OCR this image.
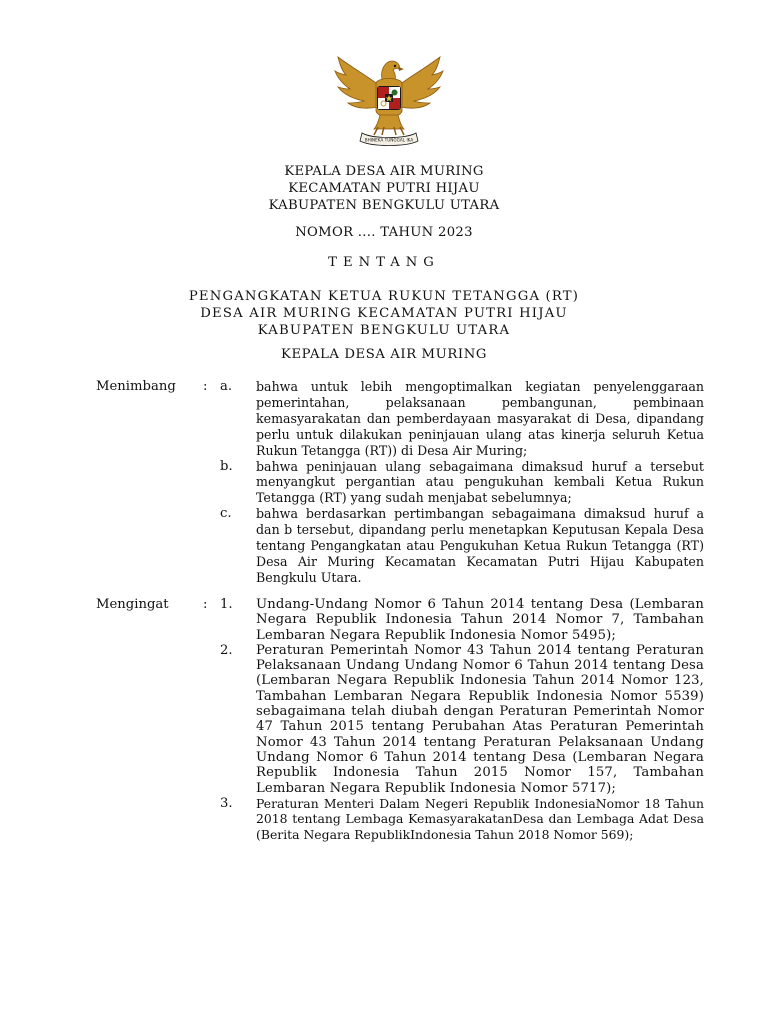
BHINEKA TUNGGAL IKA
KEPALA DESA AIR MURING
KECAMATAN PUTRI HIJAU
KABUPATEN BENGKULU UTARA
NOMOR .... TAHUN 2023
TENTANG
PENGANGKATAN KETUA RUKUN TETANGGA (RT)
DESA AIR MURING KECAMATAN PUTRI HIJAU
KABUPATEN BENGKULU UTARA
KEPALA DESA AIR MURING
Menimbang	: a. bahwa untuk lebih mengoptimalkan kegiatan penyelenggaraan pemerintahan, pelaksanaan pembangunan, pembinaan kemasyarakatan dan pemberdayaan masyarakat di Desa, dipandang perlu untuk dilakukan peninjauan ulang atas kinerja seluruh Ketua Rukun Tetangga (RT)) di Desa Air Muring;
b. bahwa peninjauan ulang sebagaimana dimaksud huruf a tersebut menyangkut pergantian atau pengukuhan kembali Ketua Rukun Tetangga (RT) yang sudah menjabat sebelumnya;
c. bahwa berdasarkan pertimbangan sebagaimana dimaksud huruf a dan b tersebut, dipandang perlu menetapkan Keputusan Kepala Desa tentang Pengangkatan atau Pengukuhan Ketua Rukun Tetangga (RT) Desa Air Muring Kecamatan Kecamatan Putri Hijau Kabupaten Bengkulu Utara.
Mengingat	: 1. Undang-Undang Nomor 6 Tahun 2014 tentang Desa (Lembaran Negara Republik Indonesia Tahun 2014 Nomor 7, Tambahan Lembaran Negara Republik Indonesia Nomor 5495);
2. Peraturan Pemerintah Nomor 43 Tahun 2014 tentang Peraturan Pelaksanaan Undang Undang Nomor 6 Tahun 2014 tentang Desa (Lembaran Negara Republik Indonesia Tahun 2014 Nomor 123, Tambahan Lembaran Negara Republik Indonesia Nomor 5539) sebagaimana telah diubah dengan Peraturan Pemerintah Nomor 47 Tahun 2015 tentang Perubahan Atas Peraturan Pemerintah Nomor 43 Tahun 2014 tentang Peraturan Pelaksanaan Undang Undang Nomor 6 Tahun 2014 tentang Desa (Lembaran Negara Republik Indonesia Tahun 2015 Nomor 157, Tambahan Lembaran Negara Republik Indonesia Nomor 5717);
3. Peraturan Menteri Dalam Negeri Republik IndonesiaNomor 18 Tahun 2018 tentang Lembaga KemasyarakatanDesa dan Lembaga Adat Desa (Berita Negara RepublikIndonesia Tahun 2018 Nomor 569);
